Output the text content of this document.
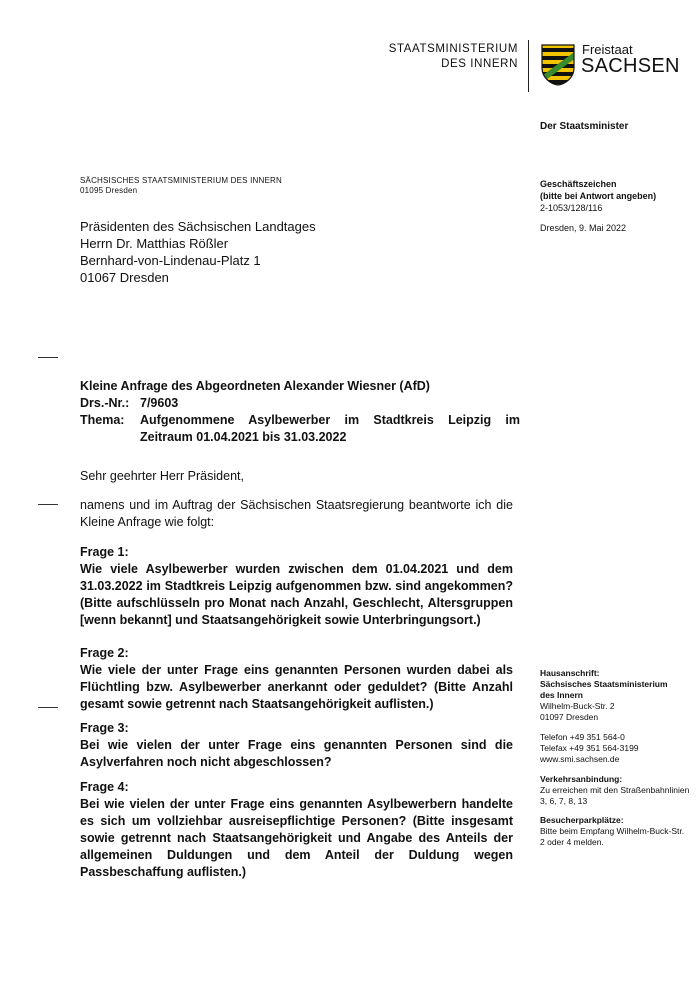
STAATSMINISTERIUM
DES INNERN
Freistaat
SACHSEN
Der Staatsminister
SÄCHSISCHES STAATSMINISTERIUM DES INNERN
01095 Dresden
Geschäftszeichen
(bitte bei Antwort angeben)
2-1053/128/116
Dresden, 9. Mai 2022
Präsidenten des Sächsischen Landtages
Herrn Dr. Matthias Rößler
Bernhard-von-Lindenau-Platz 1
01067 Dresden
Kleine Anfrage des Abgeordneten Alexander Wiesner (AfD)
Drs.-Nr.: 7/9603
Thema:	Aufgenommene Asylbewerber im Stadtkreis Leipzig im Zeitraum 01.04.2021 bis 31.03.2022
Sehr geehrter Herr Präsident,
namens und im Auftrag der Sächsischen Staatsregierung beantworte ich die Kleine Anfrage wie folgt:
Frage 1:
Wie viele Asylbewerber wurden zwischen dem 01.04.2021 und dem 31.03.2022 im Stadtkreis Leipzig aufgenommen bzw. sind angekommen? (Bitte aufschlüsseln pro Monat nach Anzahl, Geschlecht, Altersgruppen [wenn bekannt] und Staatsangehörigkeit sowie Unterbringungsort.)
Frage 2:
Wie viele der unter Frage eins genannten Personen wurden dabei als Flüchtling bzw. Asylbewerber anerkannt oder geduldet? (Bitte Anzahl gesamt sowie getrennt nach Staatsangehörigkeit auflisten.)
Frage 3:
Bei wie vielen der unter Frage eins genannten Personen sind die Asylverfahren noch nicht abgeschlossen?
Frage 4:
Bei wie vielen der unter Frage eins genannten Asylbewerbern handelte es sich um vollziehbar ausreisepflichtige Personen? (Bitte insgesamt sowie getrennt nach Staatsangehörigkeit und Angabe des Anteils der allgemeinen Duldungen und dem Anteil der Duldung wegen Passbeschaffung auflisten.)
Hausanschrift:
Sächsisches Staatsministerium
des Innern
Wilhelm-Buck-Str. 2
01097 Dresden
Telefon +49 351 564-0
Telefax +49 351 564-3199
www.smi.sachsen.de
Verkehrsanbindung:
Zu erreichen mit den Straßenbahnlinien 3, 6, 7, 8, 13
Besucherparkplätze:
Bitte beim Empfang Wilhelm-Buck-Str. 2 oder 4 melden.
